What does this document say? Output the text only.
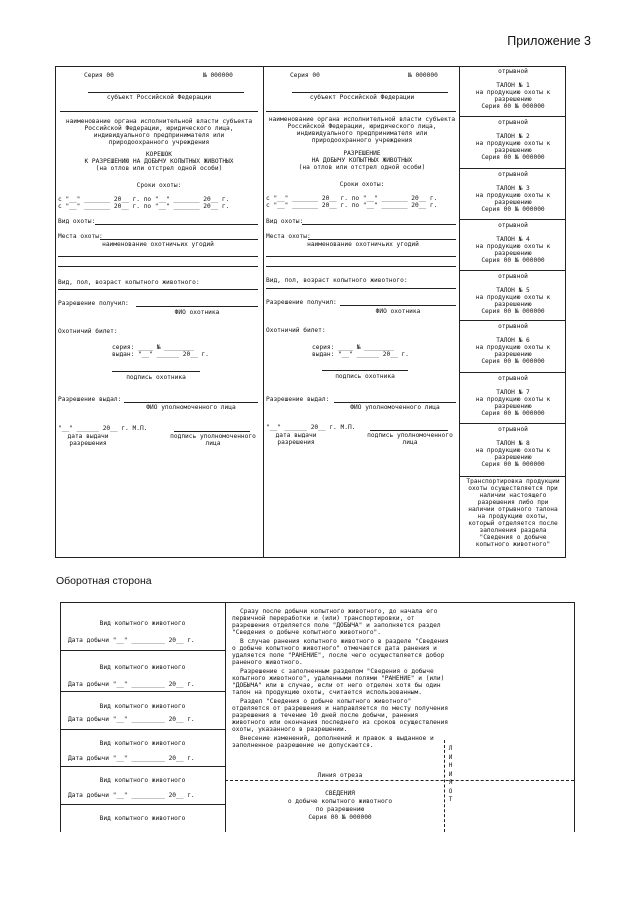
Приложение 3
Серия 00	№ 000000
субъект Российской Федерации
наименование органа исполнительной власти субъекта
Российской Федерации, юридического лица,
индивидуального предпринимателя или
природоохранного учреждения
КОРЕШОК
К РАЗРЕШЕНИЮ НА ДОБЫЧУ КОПЫТНЫХ ЖИВОТНЫХ
(на отлов или отстрел одной особи)
Сроки охоты:
с "__" _______ 20__ г. по "__" _______ 20__ г.
с "__" _______ 20__ г. по "__" _______ 20__ г.
Вид охоты:
Места охоты:
наименование охотничьих угодий
Вид, пол, возраст копытного животного:
Разрешение получил:
ФИО охотника
Охотничий билет:
серия: ____ № ________
выдан: "__" ______ 20__ г.
подпись охотника
Разрешение выдал:
ФИО уполномоченного лица
"__" ______ 20__ г. М.П.
дата выдачи
разрешения
подпись уполномоченного
лица
Серия 00	№ 000000
субъект Российской Федерации
наименование органа исполнительной власти субъекта
Российской Федерации, юридического лица,
индивидуального предпринимателя или
природоохранного учреждения
РАЗРЕШЕНИЕ
НА ДОБЫЧУ КОПЫТНЫХ ЖИВОТНЫХ
(на отлов или отстрел одной особи)
Сроки охоты:
с "__" _______ 20__ г. по "__" _______ 20__ г.
с "__" _______ 20__ г. по "__" _______ 20__ г.
Вид охоты:
Места охоты:
наименование охотничьих угодий
Вид, пол, возраст копытного животного:
Разрешение получил:
ФИО охотника
Охотничий билет:
серия: ____ № ________
выдан: "__" ______ 20__ г.
подпись охотника
Разрешение выдал:
ФИО уполномоченного лица
"__" ______ 20__ г. М.П.
дата выдачи
разрешения
подпись уполномоченного
лица
отрывной
ТАЛОН № 1
на продукцию охоты к
разрешению
Серия 00 № 000000
отрывной
ТАЛОН № 2
на продукцию охоты к
разрешению
Серия 00 № 000000
отрывной
ТАЛОН № 3
на продукцию охоты к
разрешению
Серия 00 № 000000
отрывной
ТАЛОН № 4
на продукцию охоты к
разрешению
Серия 00 № 000000
отрывной
ТАЛОН № 5
на продукцию охоты к
разрешению
Серия 00 № 000000
отрывной
ТАЛОН № 6
на продукцию охоты к
разрешению
Серия 00 № 000000
отрывной
ТАЛОН № 7
на продукцию охоты к
разрешению
Серия 00 № 000000
отрывной
ТАЛОН № 8
на продукцию охоты к
разрешению
Серия 00 № 000000
Транспортировка продукции
охоты осуществляется при
наличии настоящего
разрешения либо при
наличии отрывного талона
на продукцию охоты,
который отделяется после
заполнения раздела
"Сведения о добыче
копытного животного"
Оборотная сторона
Вид копытного животного
Дата добычи "__" _________ 20__ г.
Вид копытного животного
Дата добычи "__" _________ 20__ г.
Вид копытного животного
Дата добычи "__" _________ 20__ г.
Вид копытного животного
Дата добычи "__" _________ 20__ г.
Вид копытного животного
Дата добычи "__" _________ 20__ г.
Вид копытного животного
Сразу после добычи копытного животного, до начала его
первичной переработки и (или) транспортировки, от
разрешения отделяется поле "ДОБЫЧА" и заполняется раздел
"Сведения о добыче копытного животного".
В случае ранения копытного животного в разделе "Сведения
о добыче копытного животного" отмечается дата ранения и
удаляется поле "РАНЕНИЕ", после чего осуществляется добор
раненого животного.
Разрешение с заполненным разделом "Сведения о добыче
копытного животного", удаленными полями "РАНЕНИЕ" и (или)
"ДОБЫЧА" или в случае, если от него отделен хотя бы один
талон на продукцию охоты, считается использованным.
Раздел "Сведения о добыче копытного животного"
отделяется от разрешения и направляется по месту получения
разрешения в течение 10 дней после добычи, ранения
животного или окончания последнего из сроков осуществления
охоты, указанного в разрешении.
Внесение изменений, дополнений и правок в выданное и
заполненное разрешение не допускается.
Линия отреза
СВЕДЕНИЯ
о добыче копытного животного
по разрешению
Серия 00 № 000000
Л И Н И Я О Т
